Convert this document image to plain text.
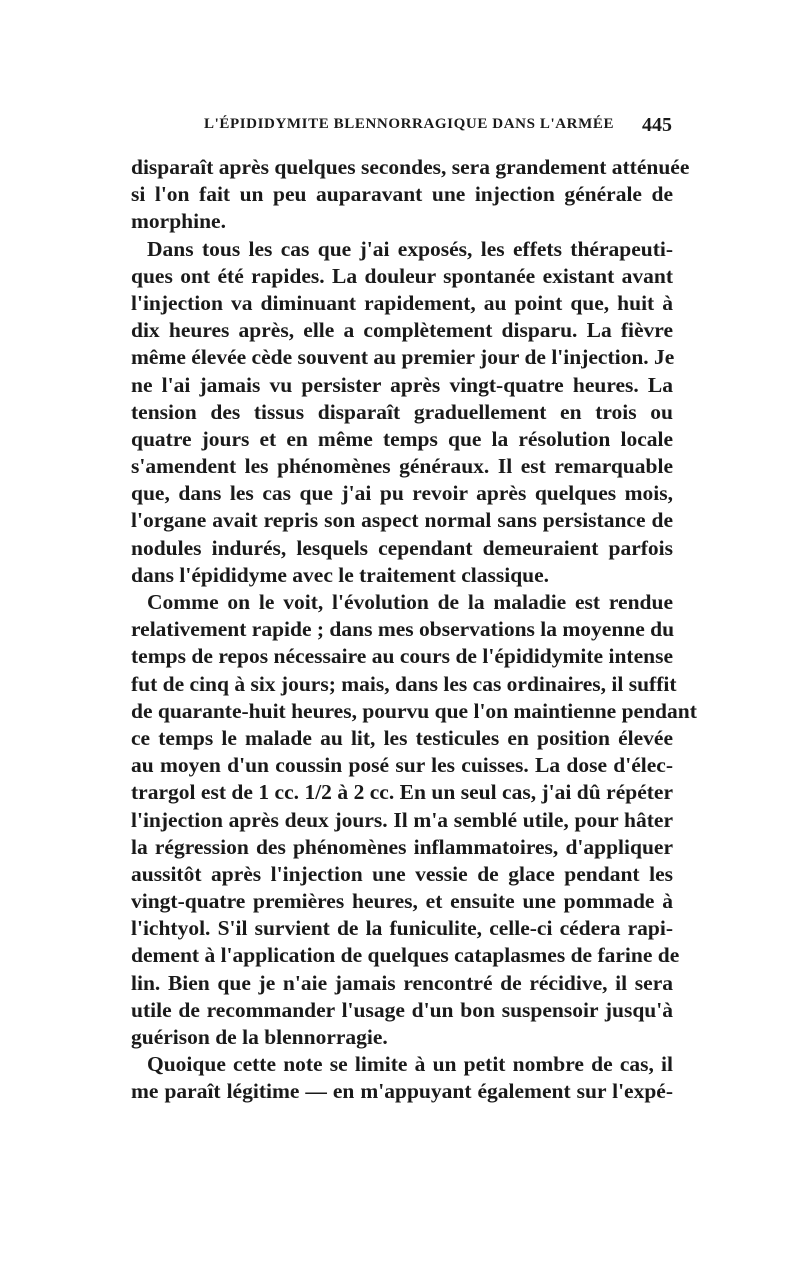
L'ÉPIDIDYMITE BLENNORRAGIQUE DANS L'ARMÉE 445
disparaît après quelques secondes, sera grandement atténuée
si l'on fait un peu auparavant une injection générale de
morphine.
Dans tous les cas que j'ai exposés, les effets thérapeuti-
ques ont été rapides. La douleur spontanée existant avant
l'injection va diminuant rapidement, au point que, huit à
dix heures après, elle a complètement disparu. La fièvre
même élevée cède souvent au premier jour de l'injection. Je
ne l'ai jamais vu persister après vingt-quatre heures. La
tension des tissus disparaît graduellement en trois ou
quatre jours et en même temps que la résolution locale
s'amendent les phénomènes généraux. Il est remarquable
que, dans les cas que j'ai pu revoir après quelques mois,
l'organe avait repris son aspect normal sans persistance de
nodules indurés, lesquels cependant demeuraient parfois
dans l'épididyme avec le traitement classique.
Comme on le voit, l'évolution de la maladie est rendue
relativement rapide ; dans mes observations la moyenne du
temps de repos nécessaire au cours de l'épididymite intense
fut de cinq à six jours; mais, dans les cas ordinaires, il suffit
de quarante-huit heures, pourvu que l'on maintienne pendant
ce temps le malade au lit, les testicules en position élevée
au moyen d'un coussin posé sur les cuisses. La dose d'élec-
trargol est de 1 cc. 1/2 à 2 cc. En un seul cas, j'ai dû répéter
l'injection après deux jours. Il m'a semblé utile, pour hâter
la régression des phénomènes inflammatoires, d'appliquer
aussitôt après l'injection une vessie de glace pendant les
vingt-quatre premières heures, et ensuite une pommade à
l'ichtyol. S'il survient de la funiculite, celle-ci cédera rapi-
dement à l'application de quelques cataplasmes de farine de
lin. Bien que je n'aie jamais rencontré de récidive, il sera
utile de recommander l'usage d'un bon suspensoir jusqu'à
guérison de la blennorragie.
Quoique cette note se limite à un petit nombre de cas, il
me paraît légitime — en m'appuyant également sur l'expé-
